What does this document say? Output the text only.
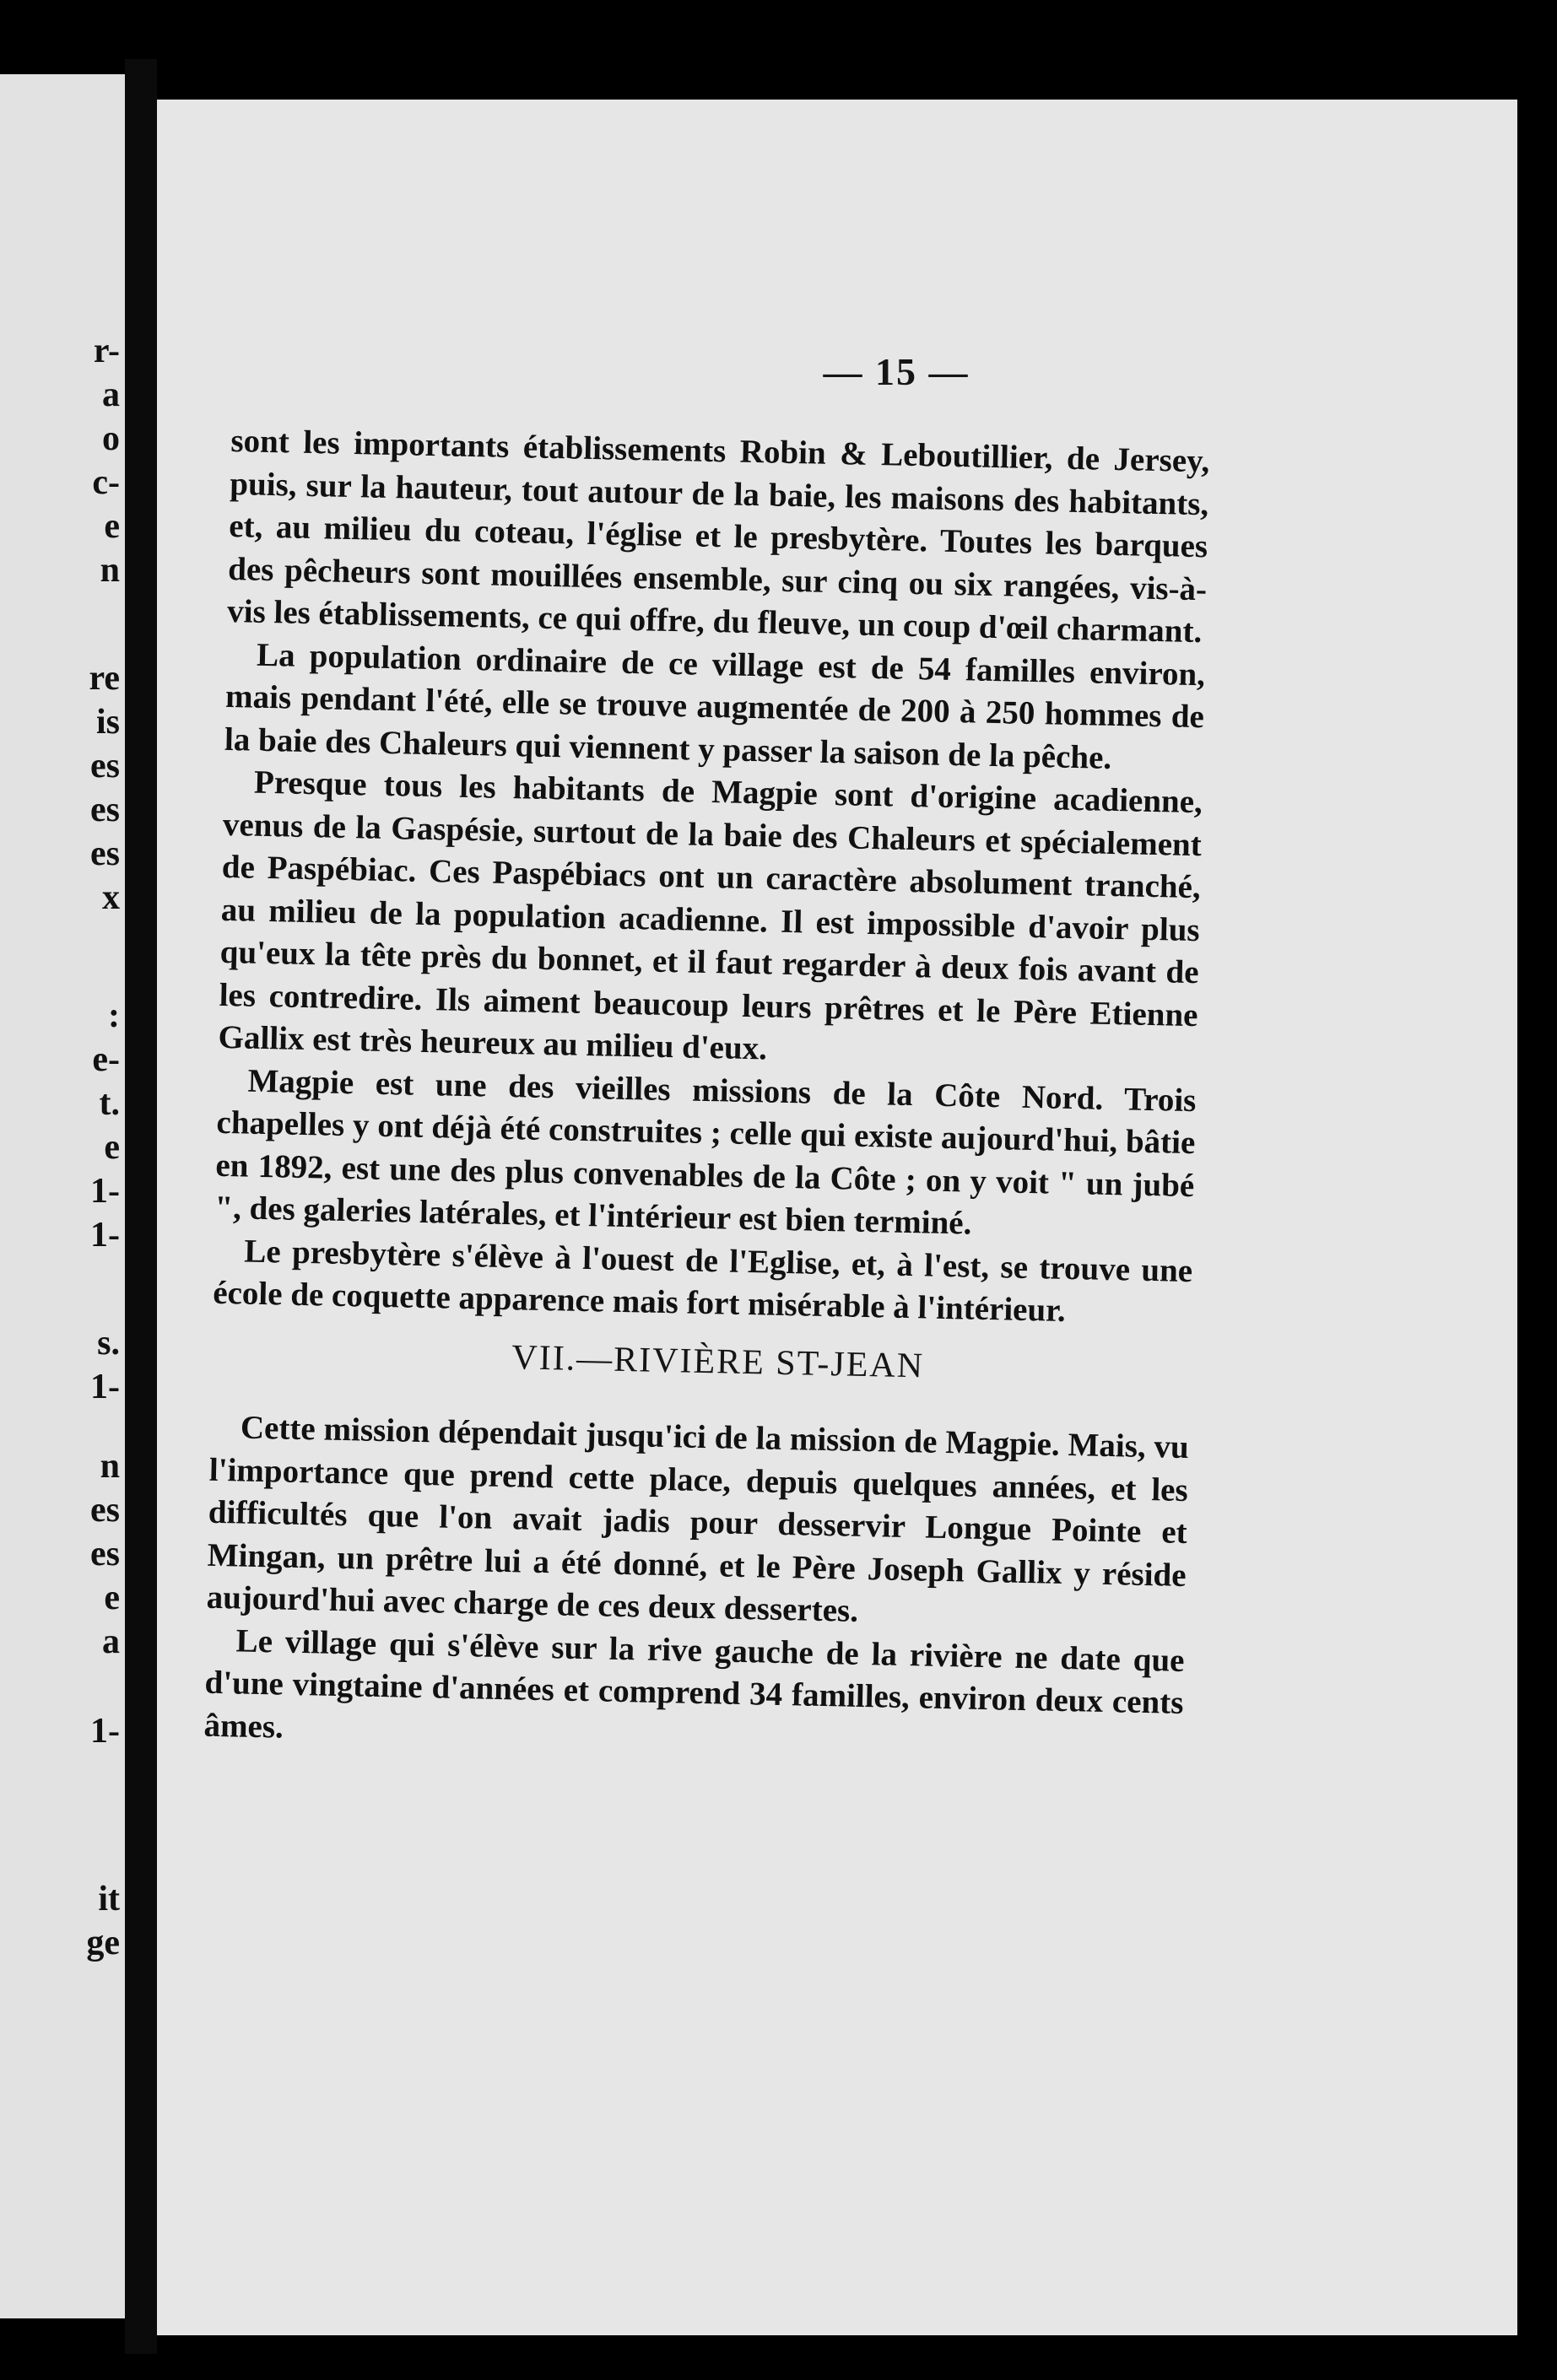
r-
a
o
c-
e
n
re
is
es
es
es
x
:
e-
t.
e
1-
1-
s.
1-
n
es
es
e
a
1-
it
ge
— 15 —

sont les importants établissements Robin & Leboutillier, de Jersey, puis, sur la hauteur, tout autour de la baie, les maisons des habitants, et, au milieu du coteau, l'église et le presbytère. Toutes les barques des pêcheurs sont mouillées ensemble, sur cinq ou six rangées, vis-à-vis les établissements, ce qui offre, du fleuve, un coup d'œil charmant.

La population ordinaire de ce village est de 54 familles environ, mais pendant l'été, elle se trouve augmentée de 200 à 250 hommes de la baie des Chaleurs qui viennent y passer la saison de la pêche.

Presque tous les habitants de Magpie sont d'origine acadienne, venus de la Gaspésie, surtout de la baie des Chaleurs et spécialement de Paspébiac. Ces Paspébiacs ont un caractère absolument tranché, au milieu de la population acadienne. Il est impossible d'avoir plus qu'eux la tête près du bonnet, et il faut regarder à deux fois avant de les contredire. Ils aiment beaucoup leurs prêtres et le Père Etienne Gallix est très heureux au milieu d'eux.

Magpie est une des vieilles missions de la Côte Nord. Trois chapelles y ont déjà été construites ; celle qui existe aujourd'hui, bâtie en 1892, est une des plus convenables de la Côte ; on y voit " un jubé ", des galeries latérales, et l'intérieur est bien terminé.

Le presbytère s'élève à l'ouest de l'Eglise, et, à l'est, se trouve une école de coquette apparence mais fort misérable à l'intérieur.

VII.—RIVIÈRE ST-JEAN

Cette mission dépendait jusqu'ici de la mission de Magpie. Mais, vu l'importance que prend cette place, depuis quelques années, et les difficultés que l'on avait jadis pour desservir Longue Pointe et Mingan, un prêtre lui a été donné, et le Père Joseph Gallix y réside aujourd'hui avec charge de ces deux dessertes.

Le village qui s'élève sur la rive gauche de la rivière ne date que d'une vingtaine d'années et comprend 34 familles, environ deux cents âmes.
